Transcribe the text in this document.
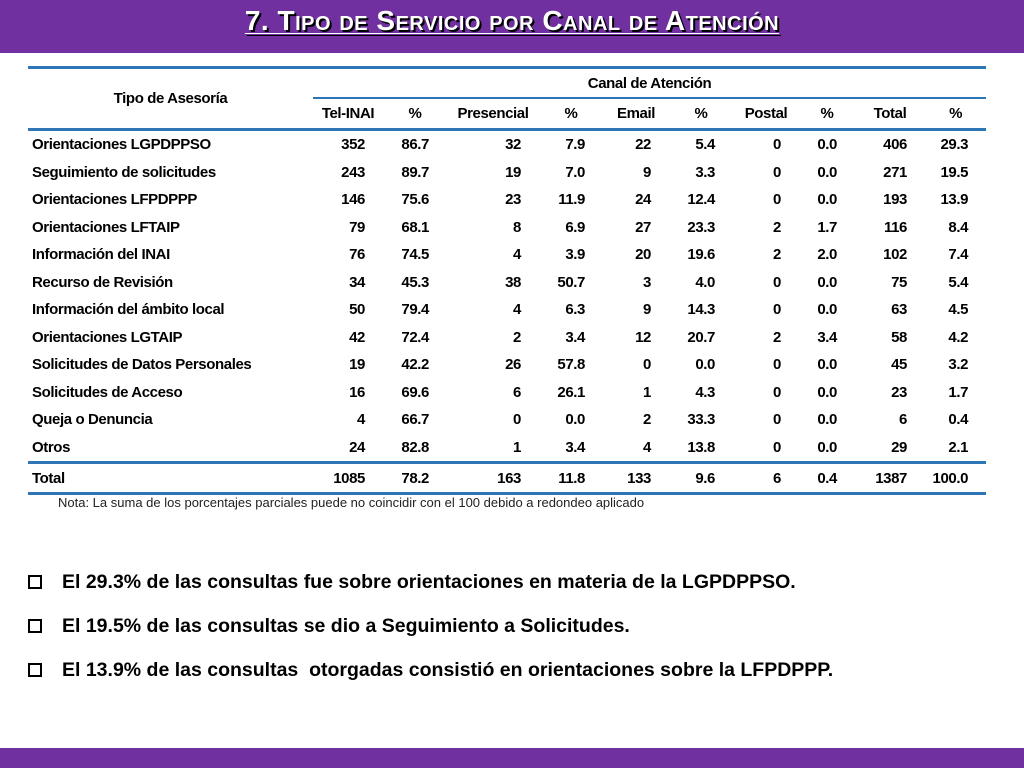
7. Tipo de Servicio por Canal de Atención
Tipo de Asesoría	Canal de Atención									
	Tel-INAI	%	Presencial	%	Email	%	Postal	%	Total	%
Orientaciones LGPDPPSO	352	86.7	32	7.9	22	5.4	0	0.0	406	29.3
Seguimiento de solicitudes	243	89.7	19	7.0	9	3.3	0	0.0	271	19.5
Orientaciones LFPDPPP	146	75.6	23	11.9	24	12.4	0	0.0	193	13.9
Orientaciones LFTAIP	79	68.1	8	6.9	27	23.3	2	1.7	116	8.4
Información del INAI	76	74.5	4	3.9	20	19.6	2	2.0	102	7.4
Recurso de Revisión	34	45.3	38	50.7	3	4.0	0	0.0	75	5.4
Información del ámbito local	50	79.4	4	6.3	9	14.3	0	0.0	63	4.5
Orientaciones LGTAIP	42	72.4	2	3.4	12	20.7	2	3.4	58	4.2
Solicitudes de Datos Personales	19	42.2	26	57.8	0	0.0	0	0.0	45	3.2
Solicitudes de Acceso	16	69.6	6	26.1	1	4.3	0	0.0	23	1.7
Queja o Denuncia	4	66.7	0	0.0	2	33.3	0	0.0	6	0.4
Otros	24	82.8	1	3.4	4	13.8	0	0.0	29	2.1
Total	1085	78.2	163	11.8	133	9.6	6	0.4	1387	100.0
Nota: La suma de los porcentajes parciales puede no coincidir con el 100 debido a redondeo aplicado
El 29.3% de las consultas fue sobre orientaciones en materia de la LGPDPPSO.
El 19.5% de las consultas se dio a Seguimiento a Solicitudes.
El 13.9% de las consultas  otorgadas consistió en orientaciones sobre la LFPDPPP.
